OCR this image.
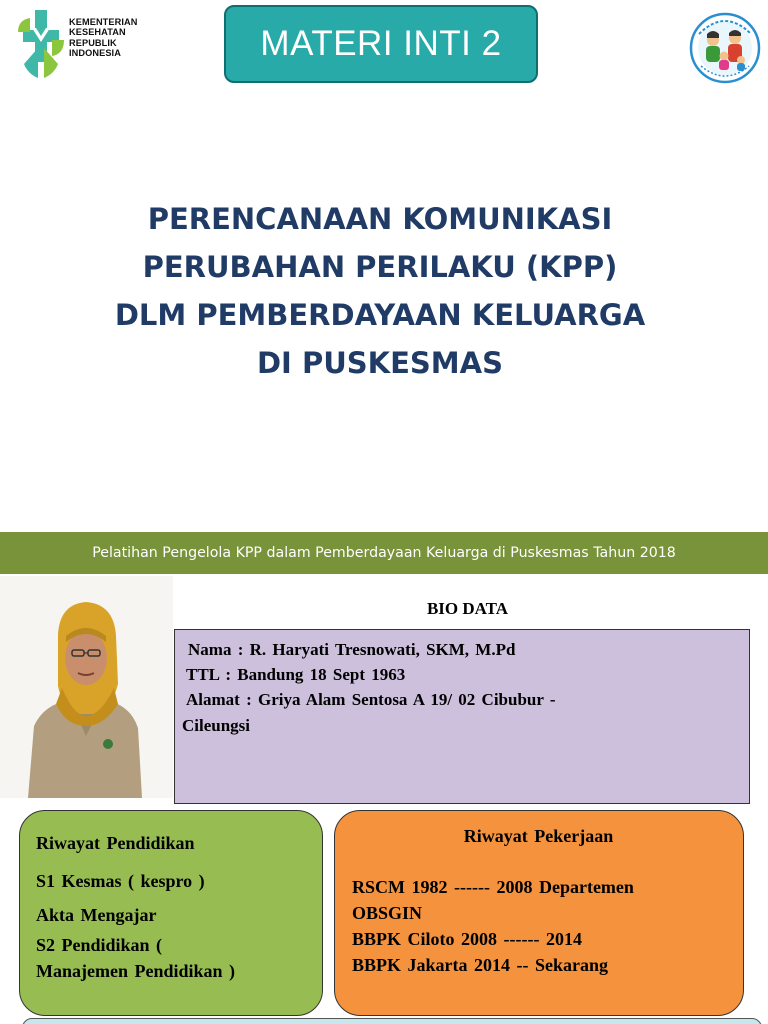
KEMENTERIAN
KESEHATAN
REPUBLIK
INDONESIA	MATERI INTI 2
PERENCANAAN KOMUNIKASI
PERUBAHAN PERILAKU (KPP)
DLM PEMBERDAYAAN KELUARGA
DI PUSKESMAS
Pelatihan Pengelola KPP dalam Pemberdayaan Keluarga di Puskesmas Tahun 2018
BIO DATA
Nama : R. Haryati Tresnowati, SKM, M.Pd
TTL : Bandung 18 Sept 1963
Alamat : Griya Alam Sentosa A 19/ 02 Cibubur -
Cileungsi
Riwayat Pendidikan
S1 Kesmas ( kespro )
Akta Mengajar
S2 Pendidikan (
Manajemen Pendidikan )
Riwayat Pekerjaan
RSCM 1982 ------ 2008 Departemen
OBSGIN
BBPK Ciloto 2008 ------ 2014
BBPK Jakarta 2014 -- Sekarang
